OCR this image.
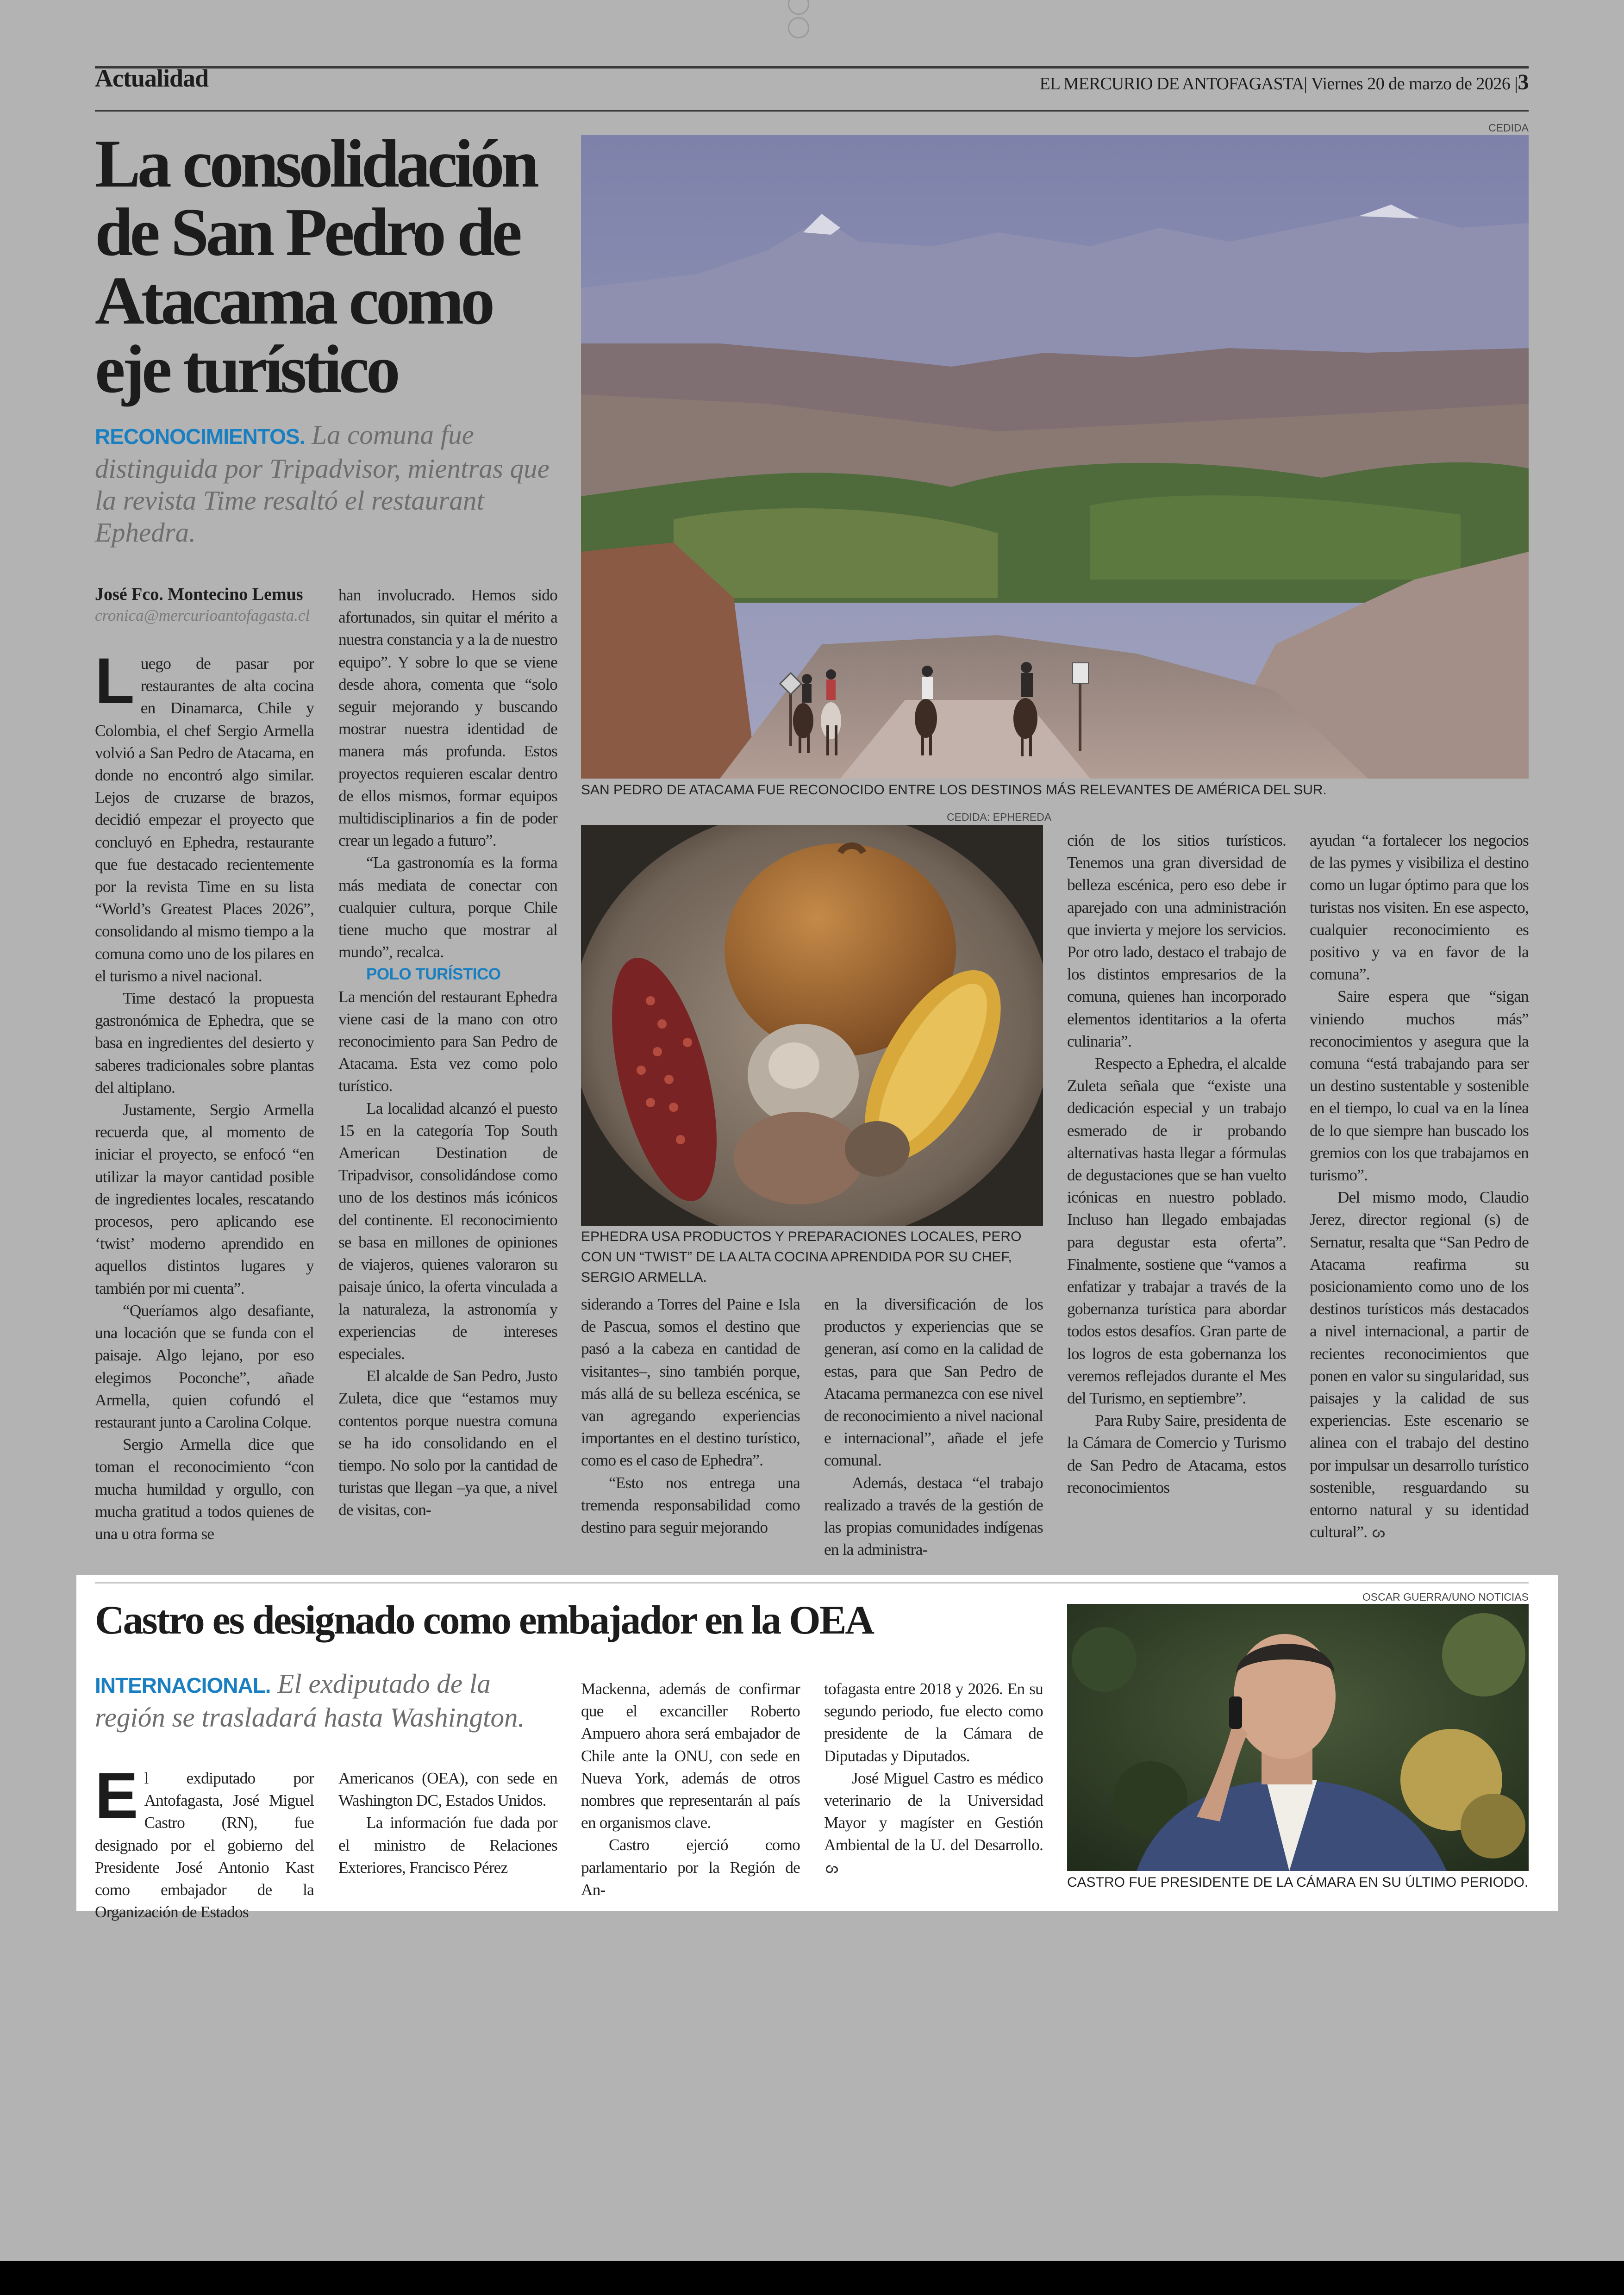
Actualidad	EL MERCURIO DE ANTOFAGASTA| Viernes 20 de marzo de 2026 |3
La consolidación de San Pedro de Atacama como eje turístico
RECONOCIMIENTOS. La comuna fue distinguida por Tripadvisor, mientras que la revista Time resaltó el restaurant Ephedra.
José Fco. Montecino Lemus
cronica@mercurioantofagasta.cl

Luego de pasar por restaurantes de alta cocina en Dinamarca, Chile y Colombia, el chef Sergio Armella volvió a San Pedro de Atacama, en donde no encontró algo similar. Lejos de cruzarse de brazos, decidió empezar el proyecto que concluyó en Ephedra, restaurante que fue destacado recientemente por la revista Time en su lista “World’s Greatest Places 2026”, consolidando al mismo tiempo a la comuna como uno de los pilares en el turismo a nivel nacional.

Time destacó la propuesta gastronómica de Ephedra, que se basa en ingredientes del desierto y saberes tradicionales sobre plantas del altiplano.

Justamente, Sergio Armella recuerda que, al momento de iniciar el proyecto, se enfocó “en utilizar la mayor cantidad posible de ingredientes locales, rescatando procesos, pero aplicando ese ‘twist’ moderno aprendido en aquellos distintos lugares y también por mi cuenta”.

“Queríamos algo desafiante, una locación que se funda con el paisaje. Algo lejano, por eso elegimos Poconche”, añade Armella, quien cofundó el restaurant junto a Carolina Colque.

Sergio Armella dice que toman el reconocimiento “con mucha humildad y orgullo, con mucha gratitud a todos quienes de una u otra forma se

han involucrado. Hemos sido afortunados, sin quitar el mérito a nuestra constancia y a la de nuestro equipo”. Y sobre lo que se viene desde ahora, comenta que “solo seguir mejorando y buscando mostrar nuestra identidad de manera más profunda. Estos proyectos requieren escalar dentro de ellos mismos, formar equipos multidisciplinarios a fin de poder crear un legado a futuro”.

“La gastronomía es la forma más mediata de conectar con cualquier cultura, porque Chile tiene mucho que mostrar al mundo”, recalca.

POLO TURÍSTICO

La mención del restaurant Ephedra viene casi de la mano con otro reconocimiento para San Pedro de Atacama. Esta vez como polo turístico.

La localidad alcanzó el puesto 15 en la categoría Top South American Destination de Tripadvisor, consolidándose como uno de los destinos más icónicos del continente. El reconocimiento se basa en millones de opiniones de viajeros, quienes valoraron su paisaje único, la oferta vinculada a la naturaleza, la astronomía y experiencias de intereses especiales.

El alcalde de San Pedro, Justo Zuleta, dice que “estamos muy contentos porque nuestra comuna se ha ido consolidando en el tiempo. No solo por la cantidad de turistas que llegan –ya que, a nivel de visitas, con-

CEDIDA
SAN PEDRO DE ATACAMA FUE RECONOCIDO ENTRE LOS DESTINOS MÁS RELEVANTES DE AMÉRICA DEL SUR.
CEDIDA: EPHEREDA
EPHEDRA USA PRODUCTOS Y PREPARACIONES LOCALES, PERO CON UN “TWIST” DE LA ALTA COCINA APRENDIDA POR SU CHEF, SERGIO ARMELLA.

siderando a Torres del Paine e Isla de Pascua, somos el destino que pasó a la cabeza en cantidad de visitantes–, sino también porque, más allá de su belleza escénica, se van agregando experiencias importantes en el destino turístico, como es el caso de Ephedra”.

“Esto nos entrega una tremenda responsabilidad como destino para seguir mejorando

en la diversificación de los productos y experiencias que se generan, así como en la calidad de estas, para que San Pedro de Atacama permanezca con ese nivel de reconocimiento a nivel nacional e internacional”, añade el jefe comunal.

Además, destaca “el trabajo realizado a través de la gestión de las propias comunidades indígenas en la administra-

ción de los sitios turísticos. Tenemos una gran diversidad de belleza escénica, pero eso debe ir aparejado con una administración que invierta y mejore los servicios. Por otro lado, destaco el trabajo de los distintos empresarios de la comuna, quienes han incorporado elementos identitarios a la oferta culinaria”.

Respecto a Ephedra, el alcalde Zuleta señala que “existe una dedicación especial y un trabajo esmerado de ir probando alternativas hasta llegar a fórmulas de degustaciones que se han vuelto icónicas en nuestro poblado. Incluso han llegado embajadas para degustar esta oferta”. Finalmente, sostiene que “vamos a enfatizar y trabajar a través de la gobernanza turística para abordar todos estos desafíos. Gran parte de los logros de esta gobernanza los veremos reflejados durante el Mes del Turismo, en septiembre”.

Para Ruby Saire, presidenta de la Cámara de Comercio y Turismo de San Pedro de Atacama, estos reconocimientos

ayudan “a fortalecer los negocios de las pymes y visibiliza el destino como un lugar óptimo para que los turistas nos visiten. En ese aspecto, cualquier reconocimiento es positivo y va en favor de la comuna”.

Saire espera que “sigan viniendo muchos más” reconocimientos y asegura que la comuna “está trabajando para ser un destino sustentable y sostenible en el tiempo, lo cual va en la línea de lo que siempre han buscado los gremios con los que trabajamos en turismo”.

Del mismo modo, Claudio Jerez, director regional (s) de Sernatur, resalta que “San Pedro de Atacama reafirma su posicionamiento como uno de los destinos turísticos más destacados a nivel internacional, a partir de recientes reconocimientos que ponen en valor su singularidad, sus paisajes y la calidad de sus experiencias. Este escenario se alinea con el trabajo del destino por impulsar un desarrollo turístico sostenible, resguardando su entorno natural y su identidad cultural”.

Castro es designado como embajador en la OEA
INTERNACIONAL. El exdiputado de la región se trasladará hasta Washington.

El exdiputado por Antofagasta, José Miguel Castro (RN), fue designado por el gobierno del Presidente José Antonio Kast como embajador de la Organización de Estados

Americanos (OEA), con sede en Washington DC, Estados Unidos.

La información fue dada por el ministro de Relaciones Exteriores, Francisco Pérez

Mackenna, además de confirmar que el excanciller Roberto Ampuero ahora será embajador de Chile ante la ONU, con sede en Nueva York, además de otros nombres que representarán al país en organismos clave.

Castro ejerció como parlamentario por la Región de An-

tofagasta entre 2018 y 2026. En su segundo periodo, fue electo como presidente de la Cámara de Diputadas y Diputados.

José Miguel Castro es médico veterinario de la Universidad Mayor y magíster en Gestión Ambiental de la U. del Desarrollo.

OSCAR GUERRA/UNO NOTICIAS
CASTRO FUE PRESIDENTE DE LA CÁMARA EN SU ÚLTIMO PERIODO.
